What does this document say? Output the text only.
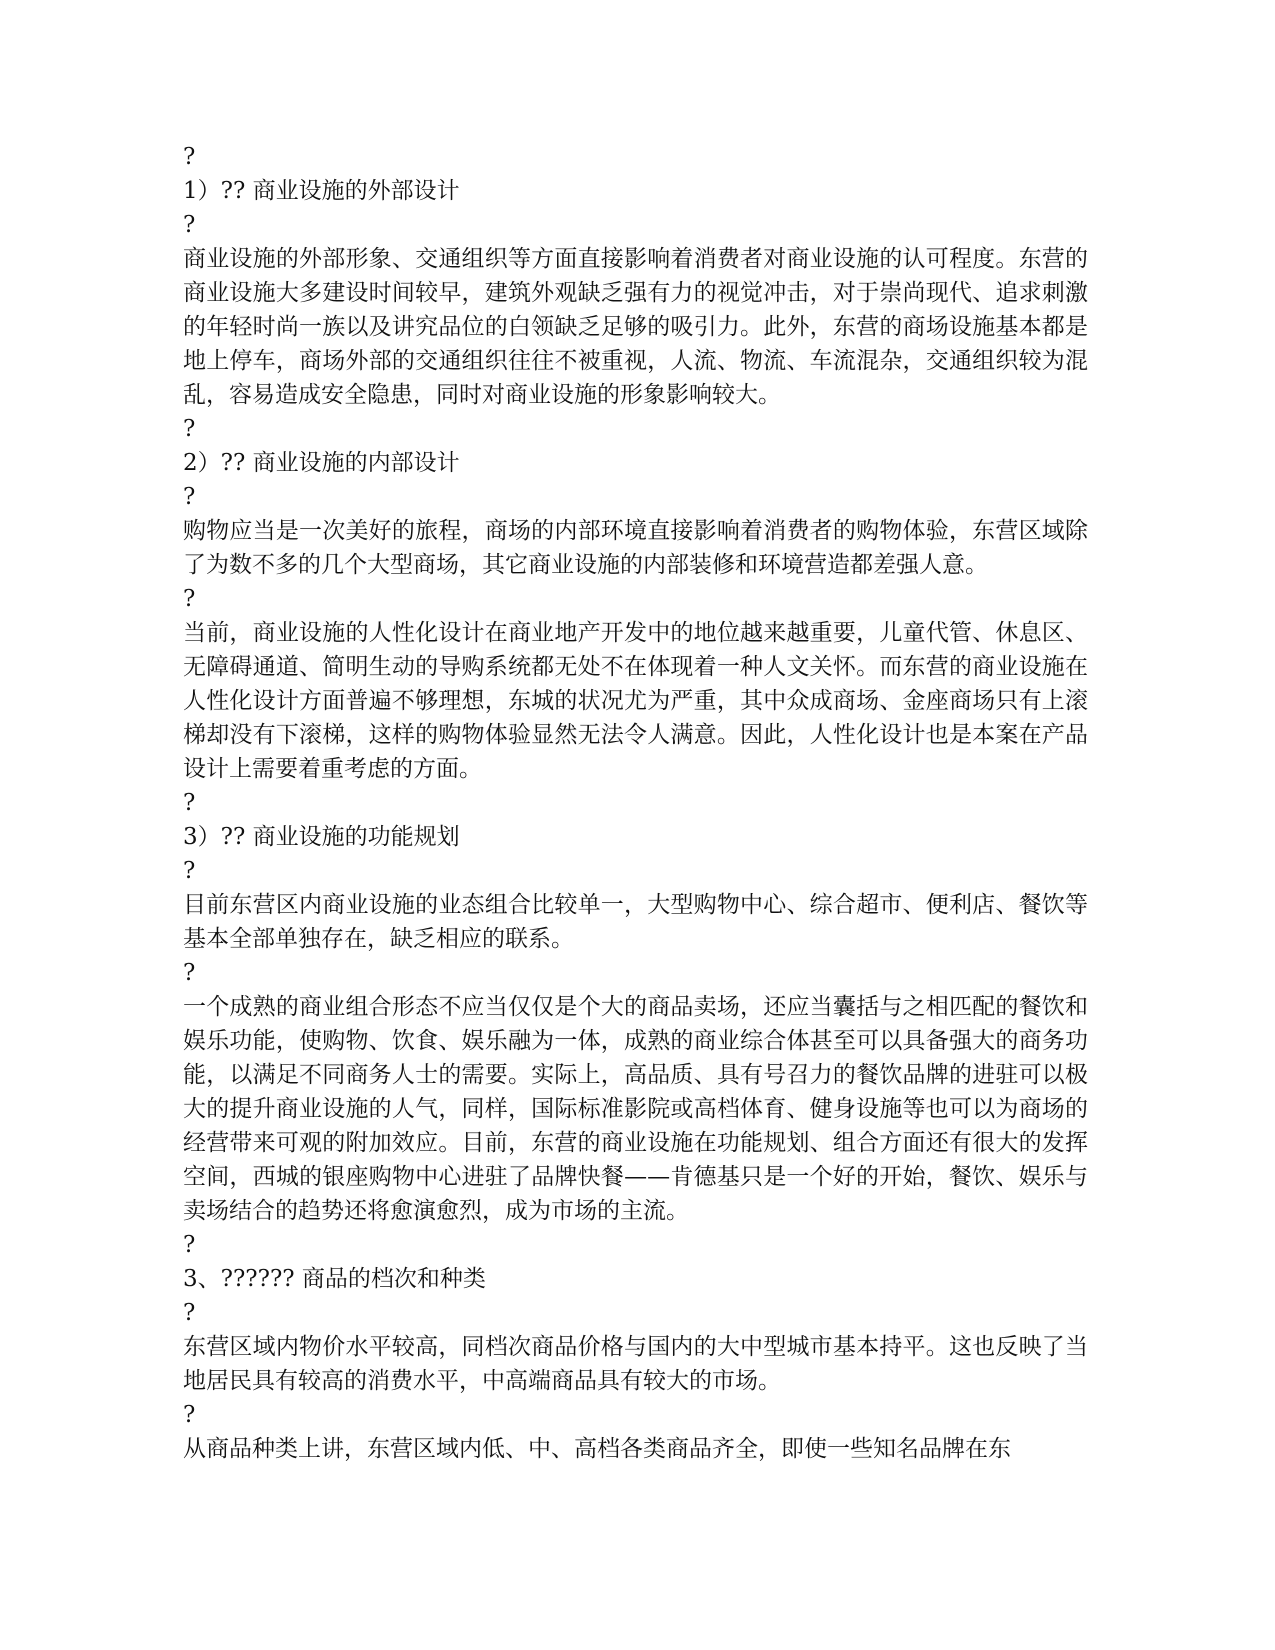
?
1）?? 商业设施的外部设计
?

商业设施的外部形象、交通组织等方面直接影响着消费者对商业设施的认可程度。东营的商业设施大多建设时间较早，建筑外观缺乏强有力的视觉冲击，对于崇尚现代、追求刺激的年轻时尚一族以及讲究品位的白领缺乏足够的吸引力。此外，东营的商场设施基本都是地上停车，商场外部的交通组织往往不被重视，人流、物流、车流混杂，交通组织较为混乱，容易造成安全隐患，同时对商业设施的形象影响较大。

?
2）?? 商业设施的内部设计
?

购物应当是一次美好的旅程，商场的内部环境直接影响着消费者的购物体验，东营区域除了为数不多的几个大型商场，其它商业设施的内部装修和环境营造都差强人意。

?

当前，商业设施的人性化设计在商业地产开发中的地位越来越重要，儿童代管、休息区、无障碍通道、简明生动的导购系统都无处不在体现着一种人文关怀。而东营的商业设施在人性化设计方面普遍不够理想，东城的状况尤为严重，其中众成商场、金座商场只有上滚梯却没有下滚梯，这样的购物体验显然无法令人满意。因此，人性化设计也是本案在产品设计上需要着重考虑的方面。

?
3）?? 商业设施的功能规划
?

目前东营区内商业设施的业态组合比较单一，大型购物中心、综合超市、便利店、餐饮等基本全部单独存在，缺乏相应的联系。

?

一个成熟的商业组合形态不应当仅仅是个大的商品卖场，还应当囊括与之相匹配的餐饮和娱乐功能，使购物、饮食、娱乐融为一体，成熟的商业综合体甚至可以具备强大的商务功能，以满足不同商务人士的需要。实际上，高品质、具有号召力的餐饮品牌的进驻可以极大的提升商业设施的人气，同样，国际标准影院或高档体育、健身设施等也可以为商场的经营带来可观的附加效应。目前，东营的商业设施在功能规划、组合方面还有很大的发挥空间，西城的银座购物中心进驻了品牌快餐——肯德基只是一个好的开始，餐饮、娱乐与卖场结合的趋势还将愈演愈烈，成为市场的主流。

?
3、?????? 商品的档次和种类
?

东营区域内物价水平较高，同档次商品价格与国内的大中型城市基本持平。这也反映了当地居民具有较高的消费水平，中高端商品具有较大的市场。

?

从商品种类上讲，东营区域内低、中、高档各类商品齐全，即使一些知名品牌在东
